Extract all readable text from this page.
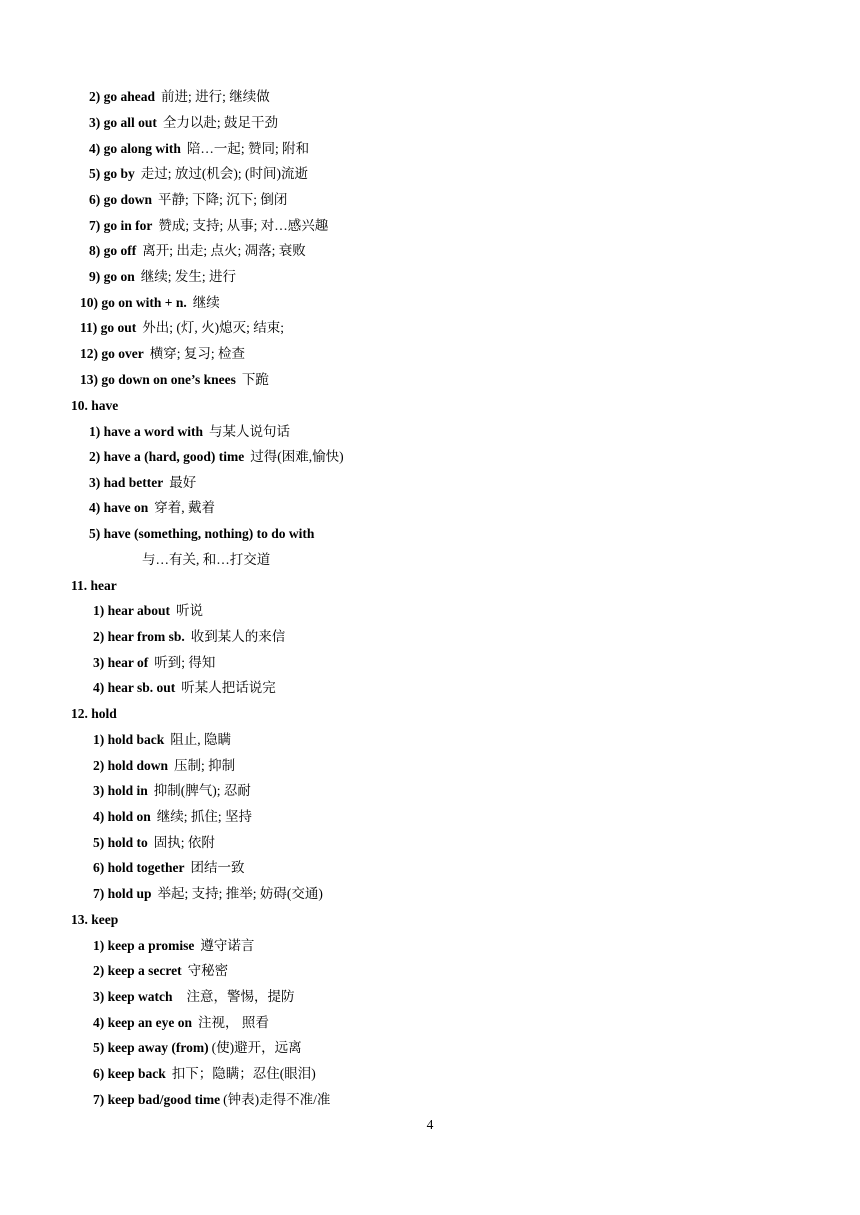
2) go ahead 前进; 进行; 继续做
3) go all out 全力以赴; 鼓足干劲
4) go along with 陪…一起; 赞同; 附和
5) go by 走过; 放过(机会); (时间)流逝
6) go down 平静; 下降; 沉下; 倒闭
7) go in for 赞成; 支持; 从事; 对…感兴趣
8) go off 离开; 出走; 点火; 凋落; 衰败
9) go on 继续; 发生; 进行
10) go on with + n. 继续
11) go out 外出; (灯, 火)熄灭; 结束;
12) go over 横穿; 复习; 检查
13) go down on one’s knees 下跪
10. have
1) have a word with 与某人说句话
2) have a (hard, good) time 过得(困难,愉快)
3) had better 最好
4) have on 穿着, 戴着
5) have (something, nothing) to do with
与…有关, 和…打交道
11. hear
1) hear about 听说
2) hear from sb. 收到某人的来信
3) hear of 听到; 得知
4) hear sb. out 听某人把话说完
12. hold
1) hold back 阻止, 隐瞒
2) hold down 压制; 抑制
3) hold in 抑制(脾气); 忍耐
4) hold on 继续; 抓住; 坚持
5) hold to 固执; 依附
6) hold together 团结一致
7) hold up 举起; 支持; 推举; 妨碍(交通)
13. keep
1) keep a promise 遵守诺言
2) keep a secret 守秘密
3) keep watch 注意，警惕，提防
4) keep an eye on 注视， 照看
5) keep away (from) (使)避开，远离
6) keep back 扣下；隐瞒；忍住(眼泪)
7) keep bad/good time (钟表)走得不准/准
4
